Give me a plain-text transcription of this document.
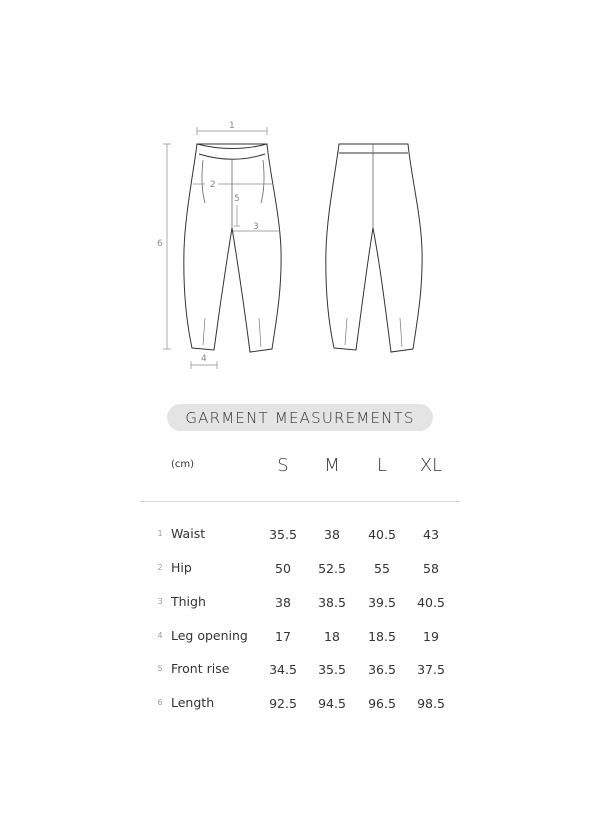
1
2
5
3
4
6
GARMENT MEASUREMENTS
(cm)	S	M	L	XL
1 Waist	35.5	38	40.5	43
2 Hip	50	52.5	55	58
3 Thigh	38	38.5	39.5	40.5
4 Leg opening	17	18	18.5	19
5 Front rise	34.5	35.5	36.5	37.5
6 Length	92.5	94.5	96.5	98.5
